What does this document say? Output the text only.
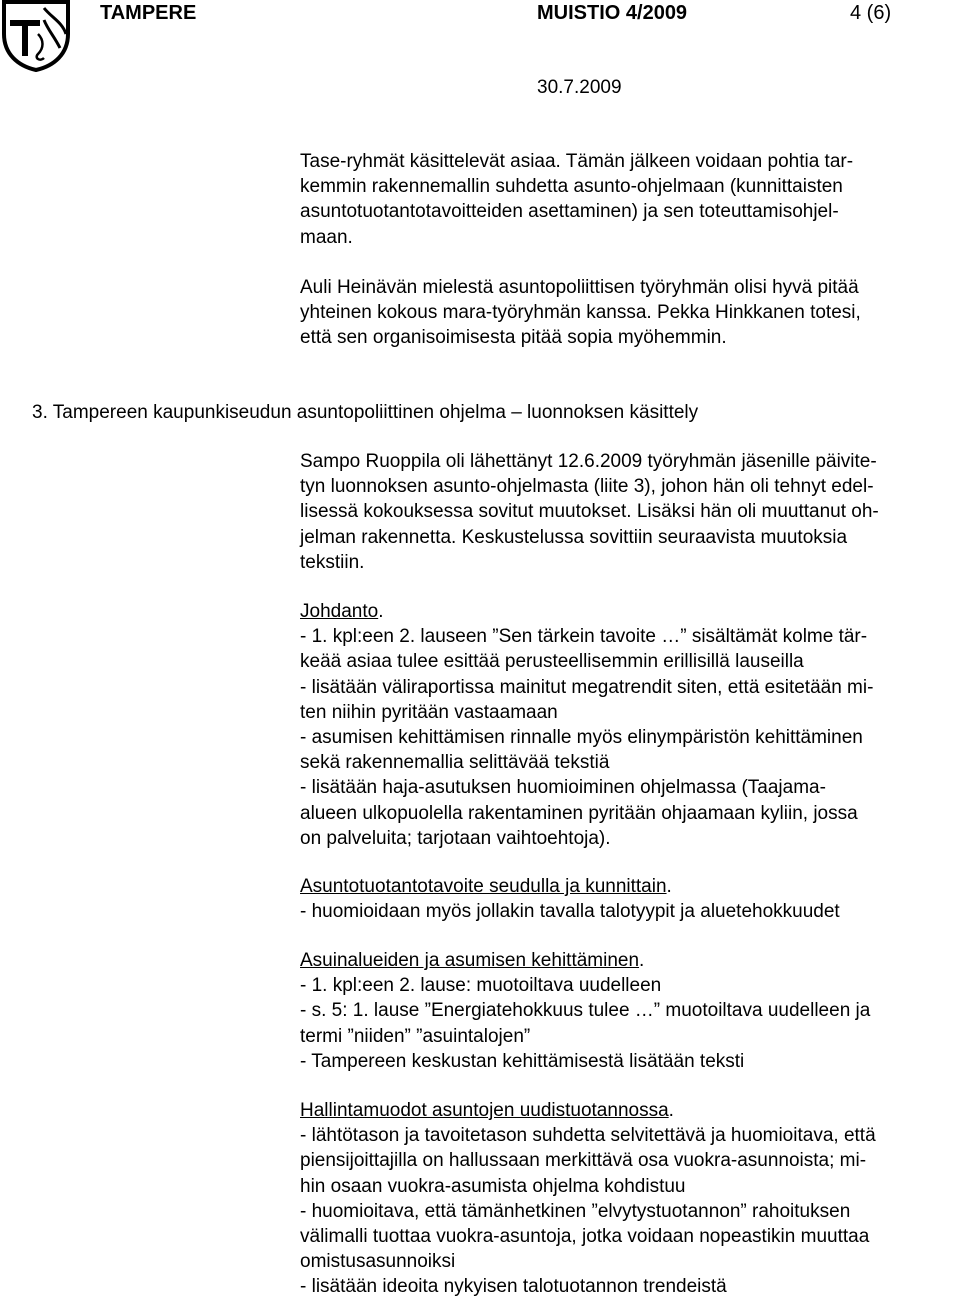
TAMPERE	MUISTIO 4/2009	4 (6)
30.7.2009

Tase-ryhmät käsittelevät asiaa. Tämän jälkeen voidaan pohtia tar-

kemmin rakennemallin suhdetta asunto-ohjelmaan (kunnittaisten

asuntotuotantotavoitteiden asettaminen) ja sen toteuttamisohjel-

maan.

Auli Heinävän mielestä asuntopoliittisen työryhmän olisi hyvä pitää

yhteinen kokous mara-työryhmän kanssa. Pekka Hinkkanen totesi,

että sen organisoimisesta pitää sopia myöhemmin.

3. Tampereen kaupunkiseudun asuntopoliittinen ohjelma – luonnoksen käsittely

Sampo Ruoppila oli lähettänyt 12.6.2009 työryhmän jäsenille päivite-

tyn luonnoksen asunto-ohjelmasta (liite 3), johon hän oli tehnyt edel-

lisessä kokouksessa sovitut muutokset. Lisäksi hän oli muuttanut oh-

jelman rakennetta. Keskustelussa sovittiin seuraavista muutoksia

tekstiin.

Johdanto.

- 1. kpl:een 2. lauseen ”Sen tärkein tavoite …” sisältämät kolme tär-

keää asiaa tulee esittää perusteellisemmin erillisillä lauseilla

- lisätään väliraportissa mainitut megatrendit siten, että esitetään mi-

ten niihin pyritään vastaamaan

- asumisen kehittämisen rinnalle myös elinympäristön kehittäminen

sekä rakennemallia selittävää tekstiä

- lisätään haja-asutuksen huomioiminen ohjelmassa (Taajama-

alueen ulkopuolella rakentaminen pyritään ohjaamaan kyliin, jossa

on palveluita; tarjotaan vaihtoehtoja).

Asuntotuotantotavoite seudulla ja kunnittain.

- huomioidaan myös jollakin tavalla talotyypit ja aluetehokkuudet

Asuinalueiden ja asumisen kehittäminen.

- 1. kpl:een 2. lause: muotoiltava uudelleen

- s. 5: 1. lause ”Energiatehokkuus tulee …” muotoiltava uudelleen ja

termi ”niiden” ”asuintalojen”

- Tampereen keskustan kehittämisestä lisätään teksti

Hallintamuodot asuntojen uudistuotannossa.

- lähtötason ja tavoitetason suhdetta selvitettävä ja huomioitava, että

piensijoittajilla on hallussaan merkittävä osa vuokra-asunnoista; mi-

hin osaan vuokra-asumista ohjelma kohdistuu

- huomioitava, että tämänhetkinen ”elvytystuotannon” rahoituksen

välimalli tuottaa vuokra-asuntoja, jotka voidaan nopeastikin muuttaa

omistusasunnoiksi

- lisätään ideoita nykyisen talotuotannon trendeistä
